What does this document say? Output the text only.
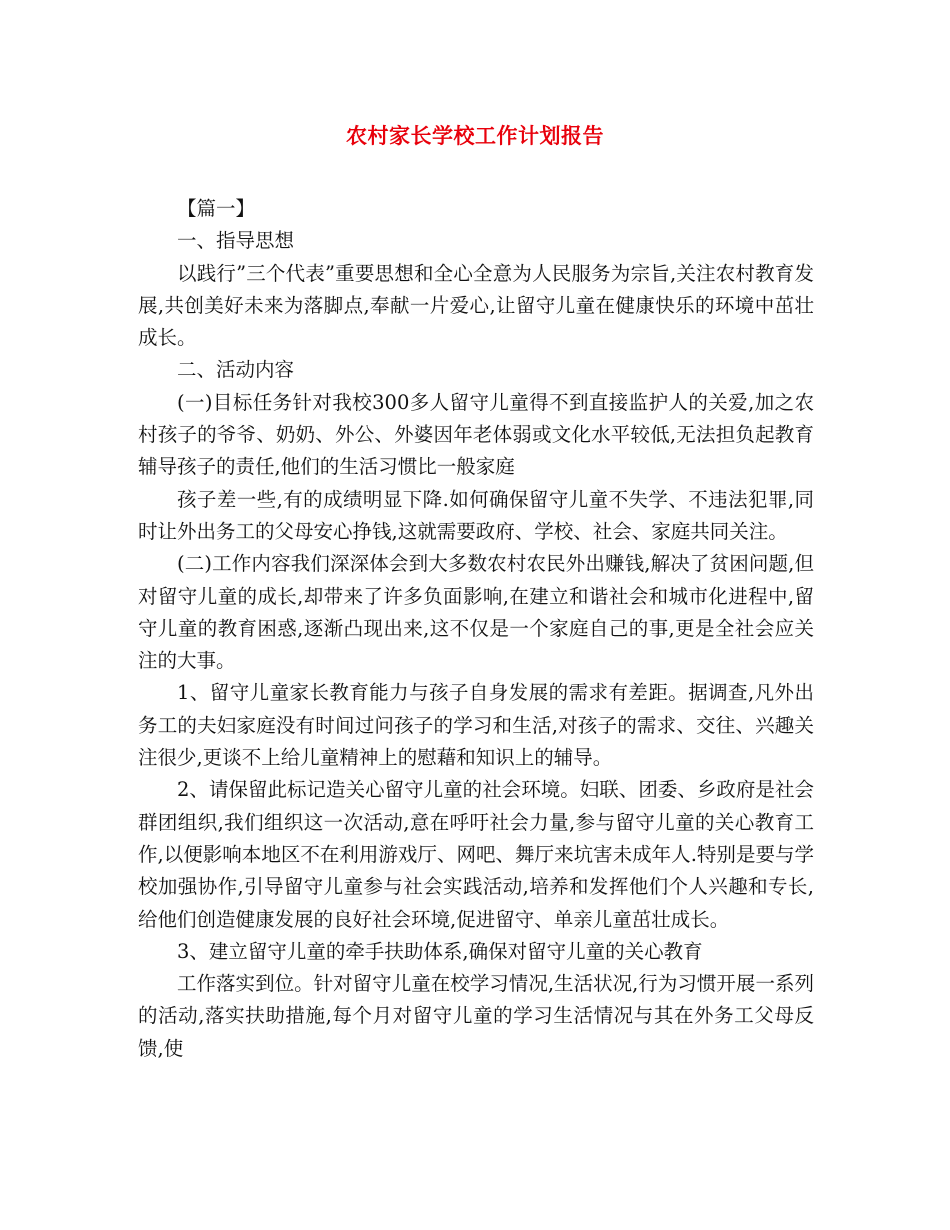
农村家长学校工作计划报告

【篇一】

一、指导思想

以践行”三个代表”重要思想和全心全意为人民服务为宗旨,关注农村教育发展,共创美好未来为落脚点,奉献一片爱心,让留守儿童在健康快乐的环境中茁壮成长。

二、活动内容

(一)目标任务针对我校300多人留守儿童得不到直接监护人的关爱,加之农村孩子的爷爷、奶奶、外公、外婆因年老体弱或文化水平较低,无法担负起教育辅导孩子的责任,他们的生活习惯比一般家庭

孩子差一些,有的成绩明显下降.如何确保留守儿童不失学、不违法犯罪,同时让外出务工的父母安心挣钱,这就需要政府、学校、社会、家庭共同关注。

(二)工作内容我们深深体会到大多数农村农民外出赚钱,解决了贫困问题,但对留守儿童的成长,却带来了许多负面影响,在建立和谐社会和城市化进程中,留守儿童的教育困惑,逐渐凸现出来,这不仅是一个家庭自己的事,更是全社会应关注的大事。

1、留守儿童家长教育能力与孩子自身发展的需求有差距。据调查,凡外出务工的夫妇家庭没有时间过问孩子的学习和生活,对孩子的需求、交往、兴趣关注很少,更谈不上给儿童精神上的慰藉和知识上的辅导。

2、请保留此标记造关心留守儿童的社会环境。妇联、团委、乡政府是社会群团组织,我们组织这一次活动,意在呼吁社会力量,参与留守儿童的关心教育工作,以便影响本地区不在利用游戏厅、网吧、舞厅来坑害未成年人.特别是要与学校加强协作,引导留守儿童参与社会实践活动,培养和发挥他们个人兴趣和专长,给他们创造健康发展的良好社会环境,促进留守、单亲儿童茁壮成长。

3、建立留守儿童的牵手扶助体系,确保对留守儿童的关心教育

工作落实到位。针对留守儿童在校学习情况,生活状况,行为习惯开展一系列的活动,落实扶助措施,每个月对留守儿童的学习生活情况与其在外务工父母反馈,使
